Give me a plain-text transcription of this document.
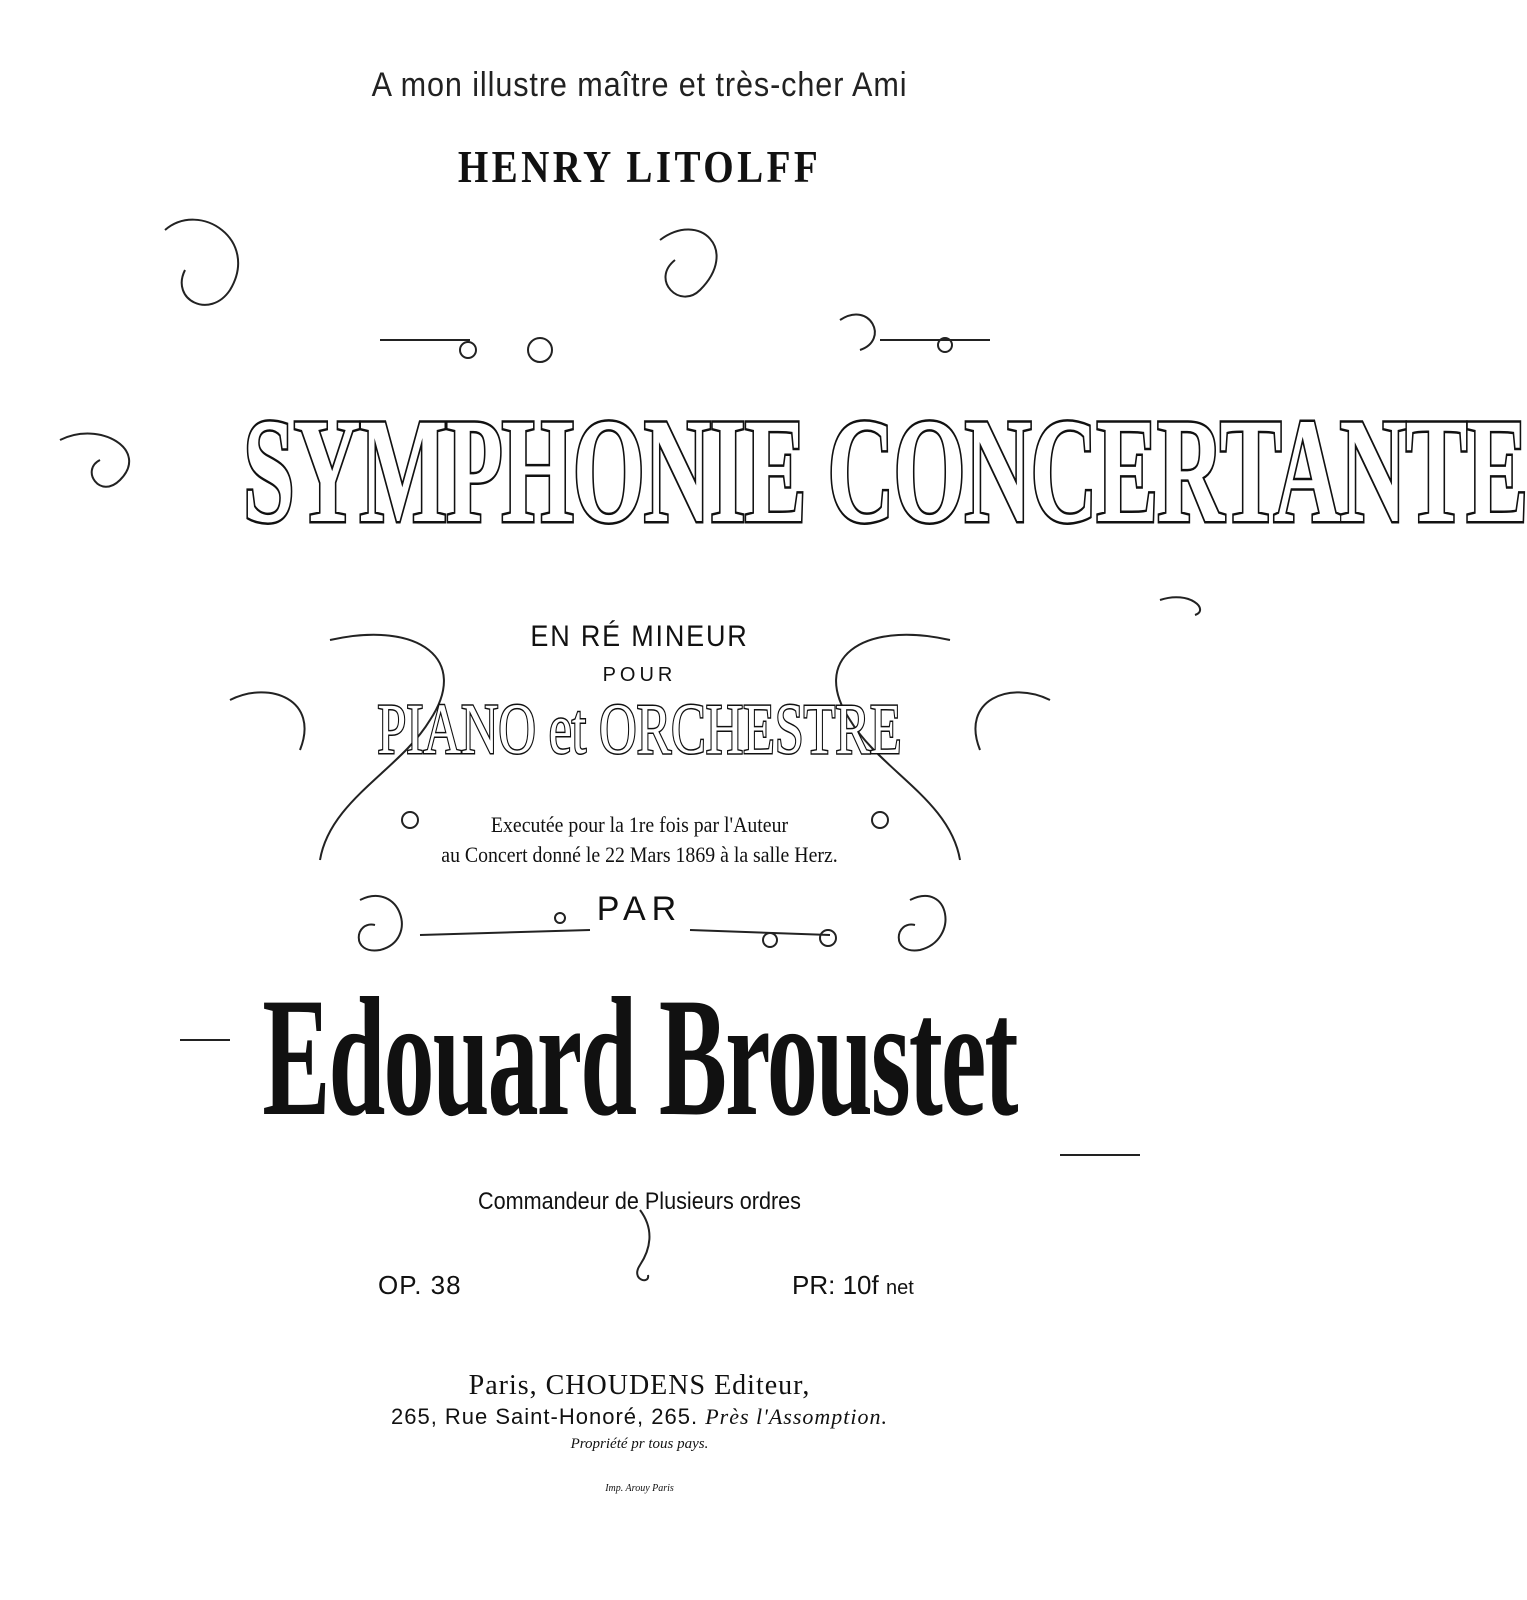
A mon illustre maître et très-cher Ami
HENRY LITOLFF
SYMPHONIE CONCERTANTE
EN RÉ MINEUR
POUR
PIANO et ORCHESTRE
Executée pour la 1re fois par l'Auteur
au Concert donné le 22 Mars 1869 à la salle Herz.
PAR
Edouard Broustet
Commandeur de Plusieurs ordres
OP. 38	PR: 10f net
Paris, CHOUDENS Editeur,
265, Rue Saint-Honoré, 265. Près l'Assomption.
Propriété pr tous pays.
Imp. Arouy Paris
